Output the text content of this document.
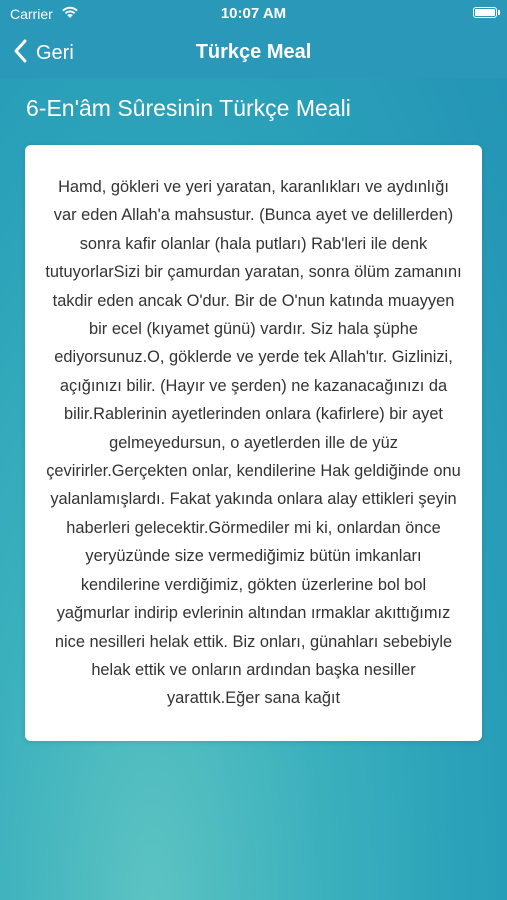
Carrier	10:07 AM
Geri	Türkçe Meal
6-En'âm Sûresinin Türkçe Meali
Hamd, gökleri ve yeri yaratan, karanlıkları ve aydınlığı var eden Allah'a mahsustur. (Bunca ayet ve delillerden) sonra kafir olanlar (hala putları) Rab'leri ile denk tutuyorlarSizi bir çamurdan yaratan, sonra ölüm zamanını takdir eden ancak O'dur. Bir de O'nun katında muayyen bir ecel (kıyamet günü) vardır. Siz hala şüphe ediyorsunuz.O, göklerde ve yerde tek Allah'tır. Gizlinizi, açığınızı bilir. (Hayır ve şerden) ne kazanacağınızı da bilir.Rablerinin ayetlerinden onlara (kafirlere) bir ayet gelmeyedursun, o ayetlerden ille de yüz çevirirler.Gerçekten onlar, kendilerine Hak geldiğinde onu yalanlamışlardı. Fakat yakında onlara alay ettikleri şeyin haberleri gelecektir.Görmediler mi ki, onlardan önce yeryüzünde size vermediğimiz bütün imkanları kendilerine verdiğimiz, gökten üzerlerine bol bol yağmurlar indirip evlerinin altından ırmaklar akıttığımız nice nesilleri helak ettik. Biz onları, günahları sebebiyle helak ettik ve onların ardından başka nesiller yarattık.Eğer sana kağıt
